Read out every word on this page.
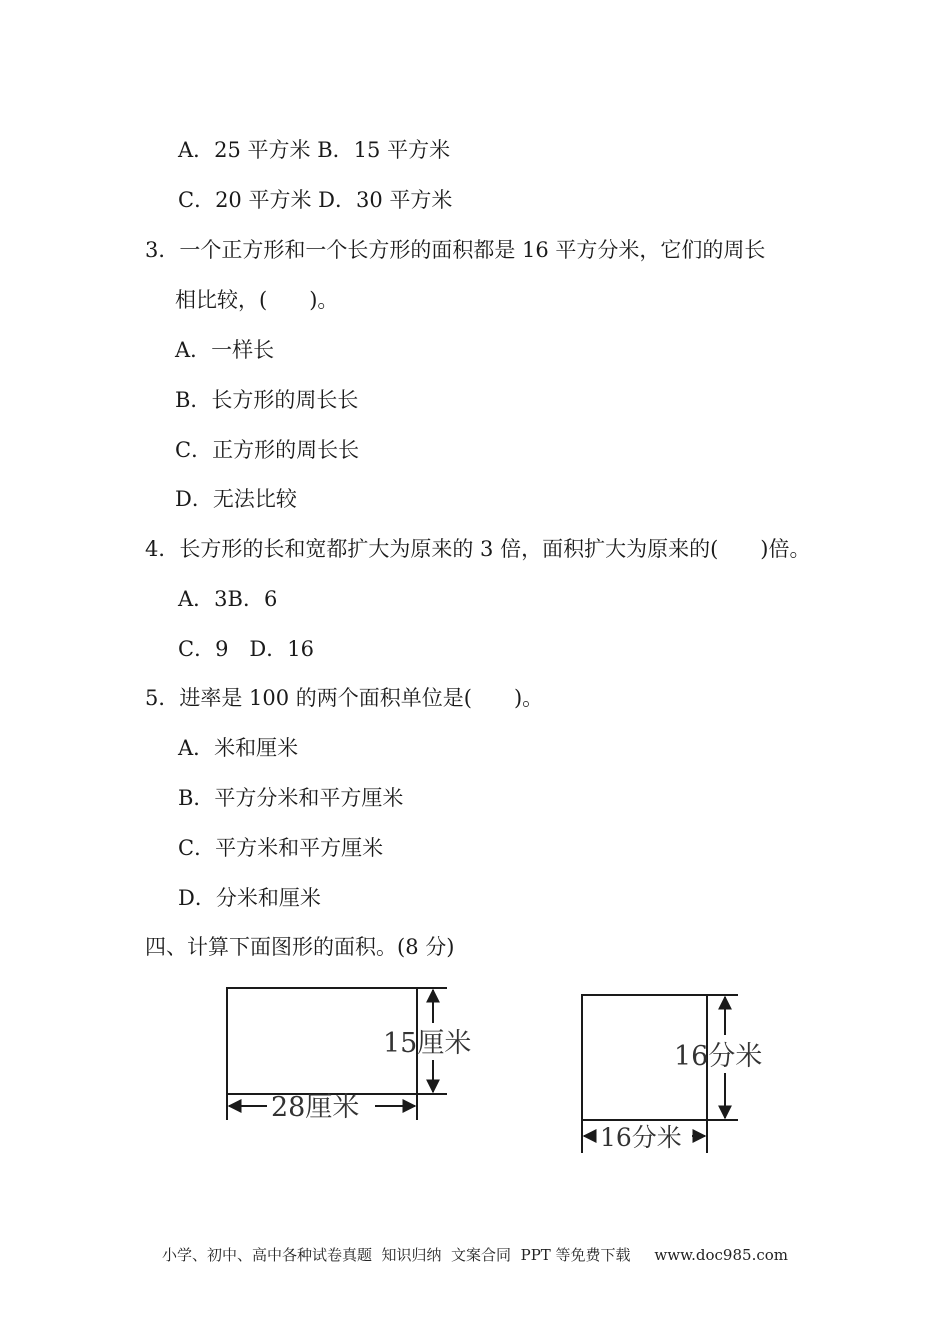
A．25 平方米 B．15 平方米
C．20 平方米 D．30 平方米
3．一个正方形和一个长方形的面积都是 16 平方分米，它们的周长
相比较，(　　)。
A．一样长
B．长方形的周长长
C．正方形的周长长
D．无法比较
4．长方形的长和宽都扩大为原来的 3 倍，面积扩大为原来的(　　)倍。
A．3B．6
C．9　D．16
5．进率是 100 的两个面积单位是(　　)。
A．米和厘米
B．平方分米和平方厘米
C．平方米和平方厘米
D．分米和厘米
四、计算下面图形的面积。(8 分)
15厘米
28厘米
16分米
16分米
小学、初中、高中各种试卷真题  知识归纳  文案合同  PPT 等免费下载     www.doc985.com
